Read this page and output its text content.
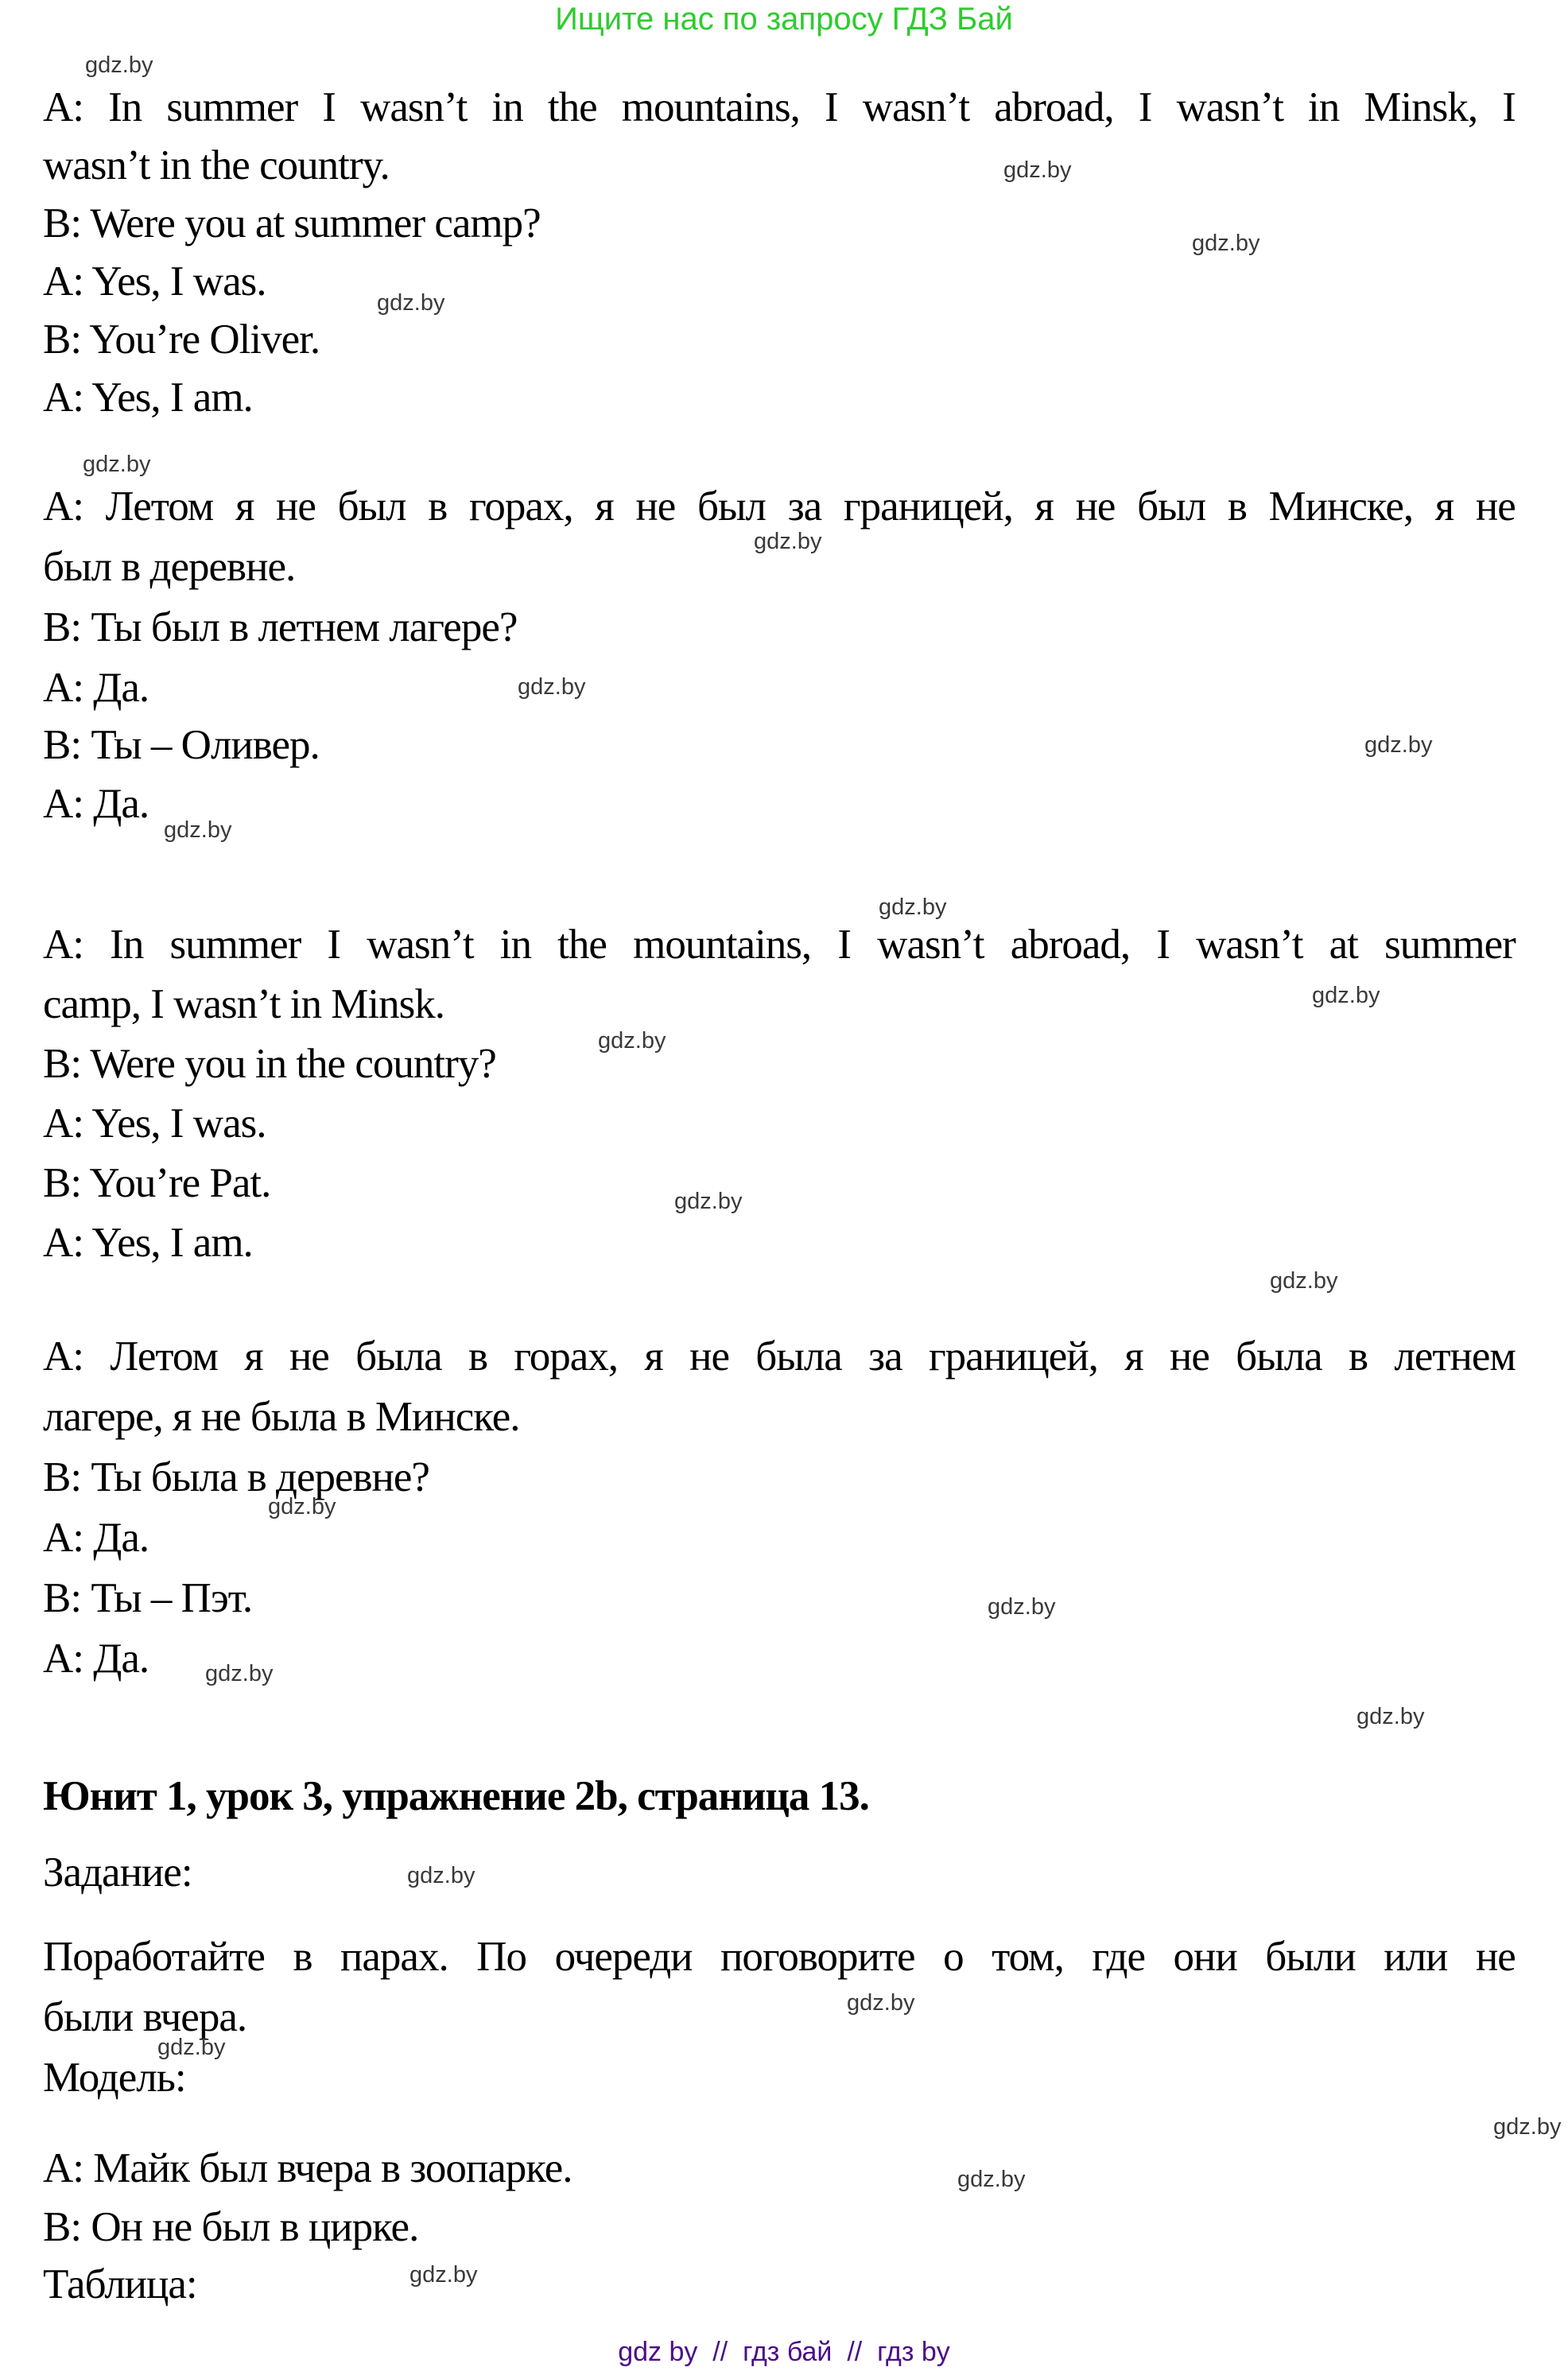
Ищите нас по запросу ГДЗ Бай
A: In summer I wasn’t in the mountains, I wasn’t abroad, I wasn’t in Minsk, I
wasn’t in the country.
B: Were you at summer camp?
A: Yes, I was.
B: You’re Oliver.
A: Yes, I am.
A: Летом я не был в горах, я не был за границей, я не был в Минске, я не
был в деревне.
B: Ты был в летнем лагере?
A: Да.
B: Ты – Оливер.
A: Да.
A: In summer I wasn’t in the mountains, I wasn’t abroad, I wasn’t at summer
camp, I wasn’t in Minsk.
B: Were you in the country?
A: Yes, I was.
B: You’re Pat.
A: Yes, I am.
A: Летом я не была в горах, я не была за границей, я не была в летнем
лагере, я не была в Минске.
B: Ты была в деревне?
A: Да.
B: Ты – Пэт.
A: Да.
Юнит 1, урок 3, упражнение 2b, страница 13.
Задание:
Поработайте в парах. По очереди поговорите о том, где они были или не
были вчера.
Модель:
A: Майк был вчера в зоопарке.
B: Он не был в цирке.
Таблица:
gdz.by
gdz.by
gdz.by
gdz.by
gdz.by
gdz.by
gdz.by
gdz.by
gdz.by
gdz.by
gdz.by
gdz.by
gdz.by
gdz.by
gdz.by
gdz.by
gdz.by
gdz.by
gdz.by
gdz.by
gdz.by
gdz.by
gdz.by
gdz.by
gdz by  //  гдз бай  //  гдз by
